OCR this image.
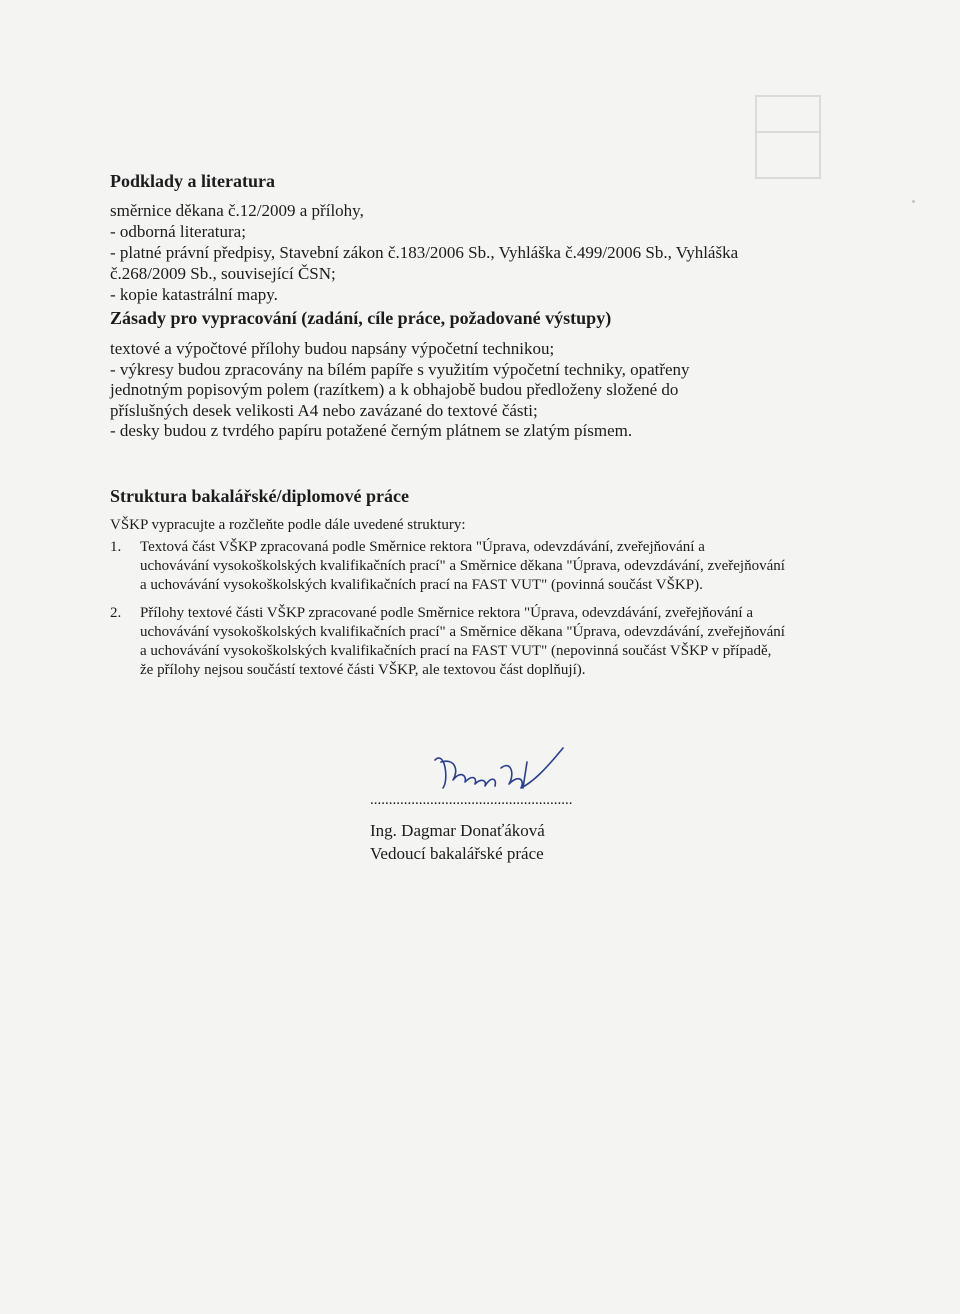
Podklady a literatura

směrnice děkana č.12/2009 a přílohy,

- odborná literatura;

- platné právní předpisy, Stavební zákon č.183/2006 Sb., Vyhláška č.499/2006 Sb., Vyhláška

č.268/2009 Sb., související ČSN;

- kopie katastrální mapy.

Zásady pro vypracování (zadání, cíle práce, požadované výstupy)

textové a výpočtové přílohy budou napsány výpočetní technikou;

- výkresy budou zpracovány na bílém papíře s využitím výpočetní techniky, opatřeny

jednotným popisovým polem (razítkem) a k obhajobě budou předloženy složené do

příslušných desek velikosti A4 nebo zavázané do textové části;

- desky budou z tvrdého papíru potažené černým plátnem se zlatým písmem.

Struktura bakalářské/diplomové práce

VŠKP vypracujte a rozčleňte podle dále uvedené struktury:

1. Textová část VŠKP zpracovaná podle Směrnice rektora "Úprava, odevzdávání, zveřejňování a

uchovávání vysokoškolských kvalifikačních prací" a Směrnice děkana "Úprava, odevzdávání, zveřejňování

a uchovávání vysokoškolských kvalifikačních prací na FAST VUT" (povinná součást VŠKP).

2. Přílohy textové části VŠKP zpracované podle Směrnice rektora "Úprava, odevzdávání, zveřejňování a

uchovávání vysokoškolských kvalifikačních prací" a Směrnice děkana "Úprava, odevzdávání, zveřejňování

a uchovávání vysokoškolských kvalifikačních prací na FAST VUT" (nepovinná součást VŠKP v případě,

že přílohy nejsou součástí textové části VŠKP, ale textovou část doplňují).

......................................................
Ing. Dagmar Donaťáková
Vedoucí bakalářské práce
